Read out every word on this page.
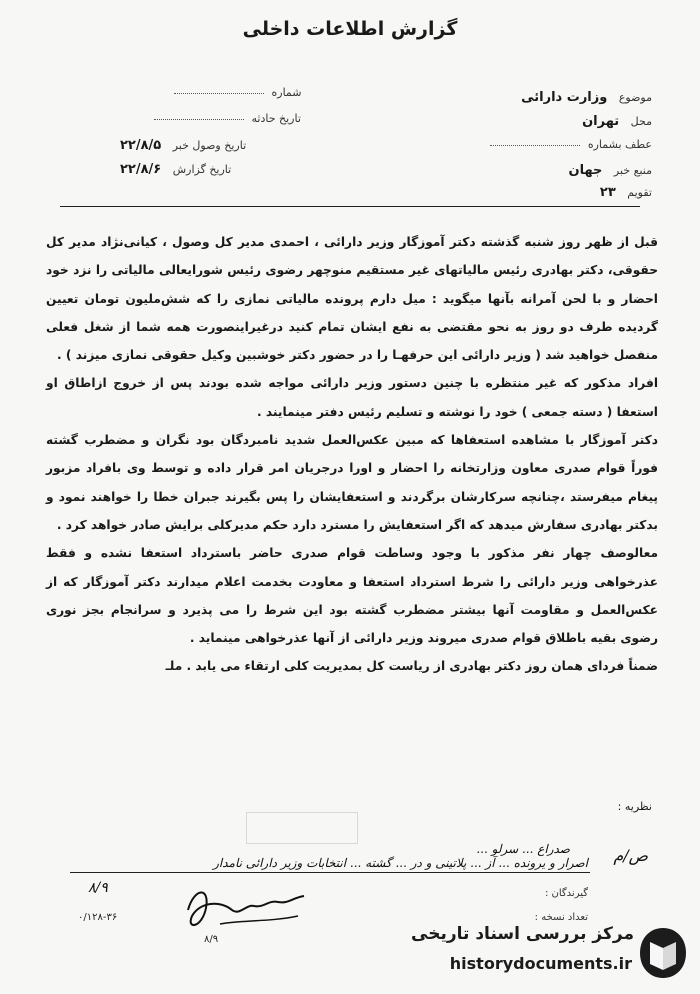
گزارش اطلاعات داخلی
شماره
تاریخ حادثه
تاریخ وصول خبر ۲۲/۸/۵
تاریخ گزارش ۲۲/۸/۶
موضوع وزارت دارائی
محل تهران
عطف بشماره
منبع خبر جهان
تقویم ۲۳

قبل از ظهر روز شنبه گذشته دکتر آموزگار وزیر دارائی ، احمدی مدیر کل وصول ، کیانی‌نژاد مدیر کل حقوقی، دکتر بهادری رئیس مالیاتهای غیر مستقیم منوچهر رضوی رئیس شورایعالی مالیاتی را نزد خود احضار و با لحن آمرانه بآنها میگوید : میل دارم پرونده مالیاتی نمازی را که شش‌ملیون تومان تعیین گردیده طرف دو روز به نحو مقتضی به نفع ایشان تمام کنید درغیراینصورت همه شما از شغل فعلی منفصل خواهید شد ( وزیر دارائی این حرفهـا را در حضور دکتر خوشبین وکیل حقوقی نمازی میزند ) .

افراد مذکور که غیر منتظره با چنین دستور وزیر دارائی مواجه شده بودند پس از خروج ازاطاق او استعفا ( دسته جمعی ) خود را نوشته و تسلیم رئیس دفتر مینمایند .

دکتر آموزگار با مشاهده استعفاها که مبین عکس‌العمل شدید نامبردگان بود نگران و مضطرب گشته فوراً قوام صدری معاون وزارتخانه را احضار و اورا درجریان امر قرار داده و توسط وی بافراد مزبور پیغام میفرستد ،چنانچه سرکارشان برگردند و استعفایشان را پس بگیرند جبران خطا را خواهند نمود و بدکتر بهادری سفارش میدهد که اگر استعفایش را مسترد دارد حکم مدیرکلی برایش صادر خواهد کرد .

معالوصف چهار نفر مذکور با وجود وساطت قوام صدری حاضر باسترداد استعفا نشده و فقط عذرخواهی وزیر دارائی را شرط استرداد استعفا و معاودت بخدمت اعلام میدارند دکتر آموزگار که از عکس‌العمل و مقاومت آنها بیشتر مضطرب گشته بود این شرط را می پذیرد و سرانجام بجز نوری رضوی بقیه باطلاق قوام صدری میروند وزیر دارائی از آنها عذرخواهی مینماید .

ضمناً فردای همان روز دکتر بهادری از ریاست کل بمدیریت کلی ارتقاء می یابد . ملـ

نظریه :
صدراع ... سرلو ...
اصرار و یرونده ... آز ... پلاتینی و در ... گشته ... انتخابات وزیر دارائی نامدار
۸/۹
ص/م
گیرندگان :
تعداد نسخه :
۰/۱۲۸-۳۶
۸/۹	مرکز بررسی اسناد تاریخی
historydocuments.ir
